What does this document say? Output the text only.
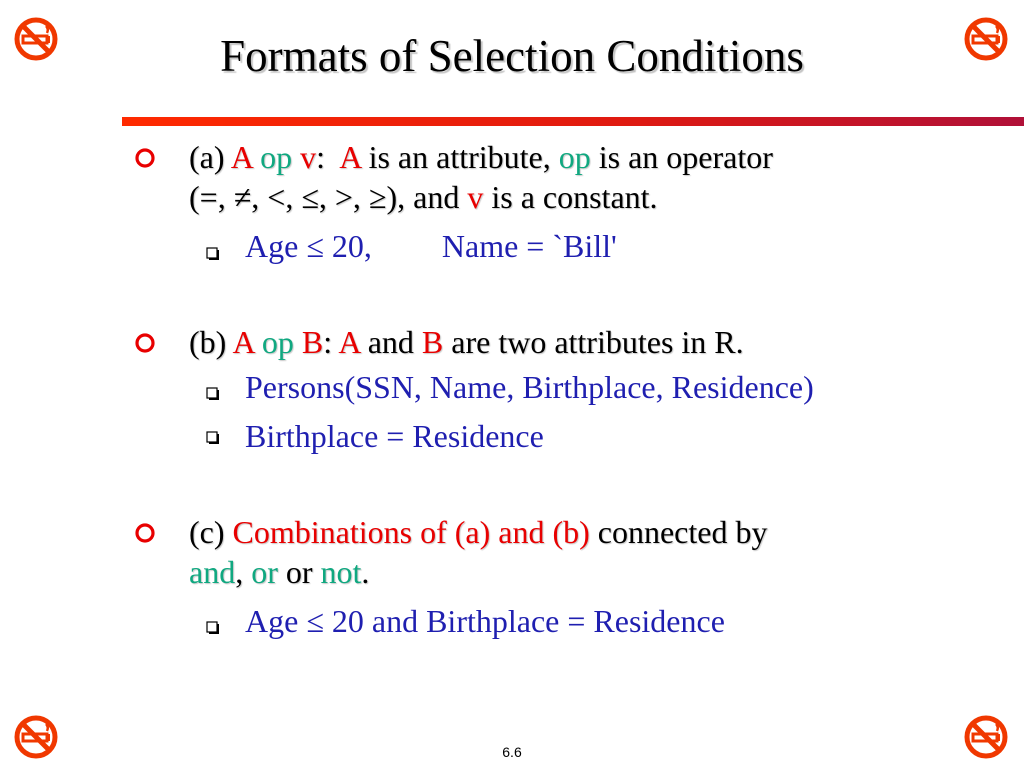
Formats of Selection Conditions
(a) A op v: A is an attribute, op is an operator
(=, ≠, <, ≤, >, ≥), and v is a constant.
Age ≤ 20, Name = `Bill'
(b) A op B: A and B are two attributes in R.
Persons(SSN, Name, Birthplace, Residence)
Birthplace = Residence
(c) Combinations of (a) and (b) connected by
and, or or not.
Age ≤ 20 and Birthplace = Residence
6.6
